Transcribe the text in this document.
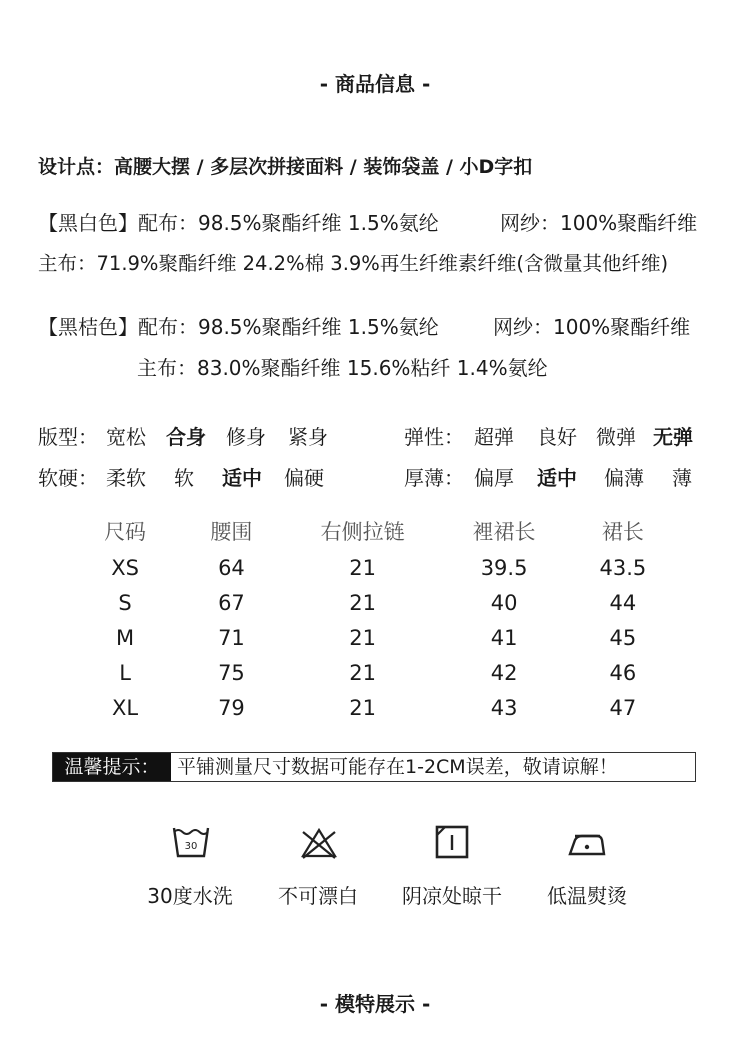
- 商品信息 -
设计点：高腰大摆 / 多层次拼接面料 / 装饰袋盖 / 小D字扣
【黑白色】配布：98.5%聚酯纤维 1.5%氨纶	网纱：100%聚酯纤维
主布：71.9%聚酯纤维 24.2%棉 3.9%再生纤维素纤维(含微量其他纤维)
【黑桔色】配布：98.5%聚酯纤维 1.5%氨纶	网纱：100%聚酯纤维
主布：83.0%聚酯纤维 15.6%粘纤 1.4%氨纶
版型： 宽松 合身 修身 紧身	弹性： 超弹 良好 微弹 无弹
软硬： 柔软 软 适中 偏硬	厚薄： 偏厚 适中 偏薄 薄
尺码	腰围	右侧拉链	裡裙长	裙长
XS	64	21	39.5	43.5
S	67	21	40	44
M	71	21	41	45
L	75	21	42	46
XL	79	21	43	47
温馨提示： 平铺测量尺寸数据可能存在1-2CM误差，敬请谅解！
30
30度水洗	不可漂白	阴凉处晾干	低温熨烫
- 模特展示 -
